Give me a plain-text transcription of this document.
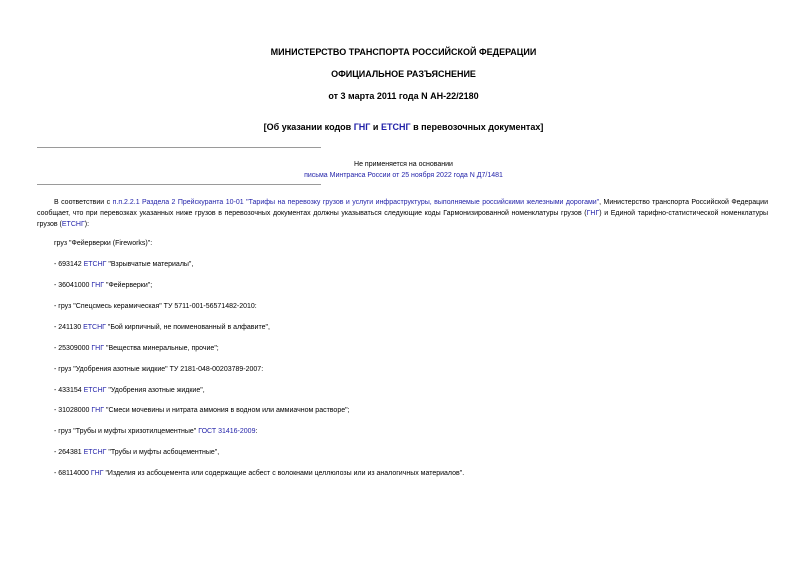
МИНИСТЕРСТВО ТРАНСПОРТА РОССИЙСКОЙ ФЕДЕРАЦИИ
ОФИЦИАЛЬНОЕ РАЗЪЯСНЕНИЕ
от 3 марта 2011 года N АН-22/2180
[Об указании кодов ГНГ и ЕТСНГ в перевозочных документах]
Не применяется на основании
письма Минтранса России от 25 ноября 2022 года N Д7/1481
В соответствии с п.п.2.2.1 Раздела 2 Прейскуранта 10-01 "Тарифы на перевозку грузов и услуги инфраструктуры, выполняемые российскими железными дорогами", Министерство транспорта Российской Федерации сообщает, что при перевозках указанных ниже грузов в перевозочных документах должны указываться следующие коды Гармонизированной номенклатуры грузов (ГНГ) и Единой тарифно-статистической номенклатуры грузов (ЕТСНГ):
груз "Фейерверки (Fireworks)":
- 693142 ЕТСНГ "Взрывчатые материалы",
- 36041000 ГНГ "Фейерверки";
- груз "Спецсмесь керамическая" ТУ 5711-001-56571482-2010:
- 241130 ЕТСНГ "Бой кирпичный, не поименованный в алфавите",
- 25309000 ГНГ "Вещества минеральные, прочие";
- груз "Удобрения азотные жидкие" ТУ 2181-048-00203789-2007:
- 433154 ЕТСНГ "Удобрения азотные жидкие",
- 31028000 ГНГ "Смеси мочевины и нитрата аммония в водном или аммиачном растворе";
- груз "Трубы и муфты хризотилцементные" ГОСТ 31416-2009:
- 264381 ЕТСНГ "Трубы и муфты асбоцементные",
- 68114000 ГНГ "Изделия из асбоцемента или содержащие асбест с волокнами целлюлозы или из аналогичных материалов".
